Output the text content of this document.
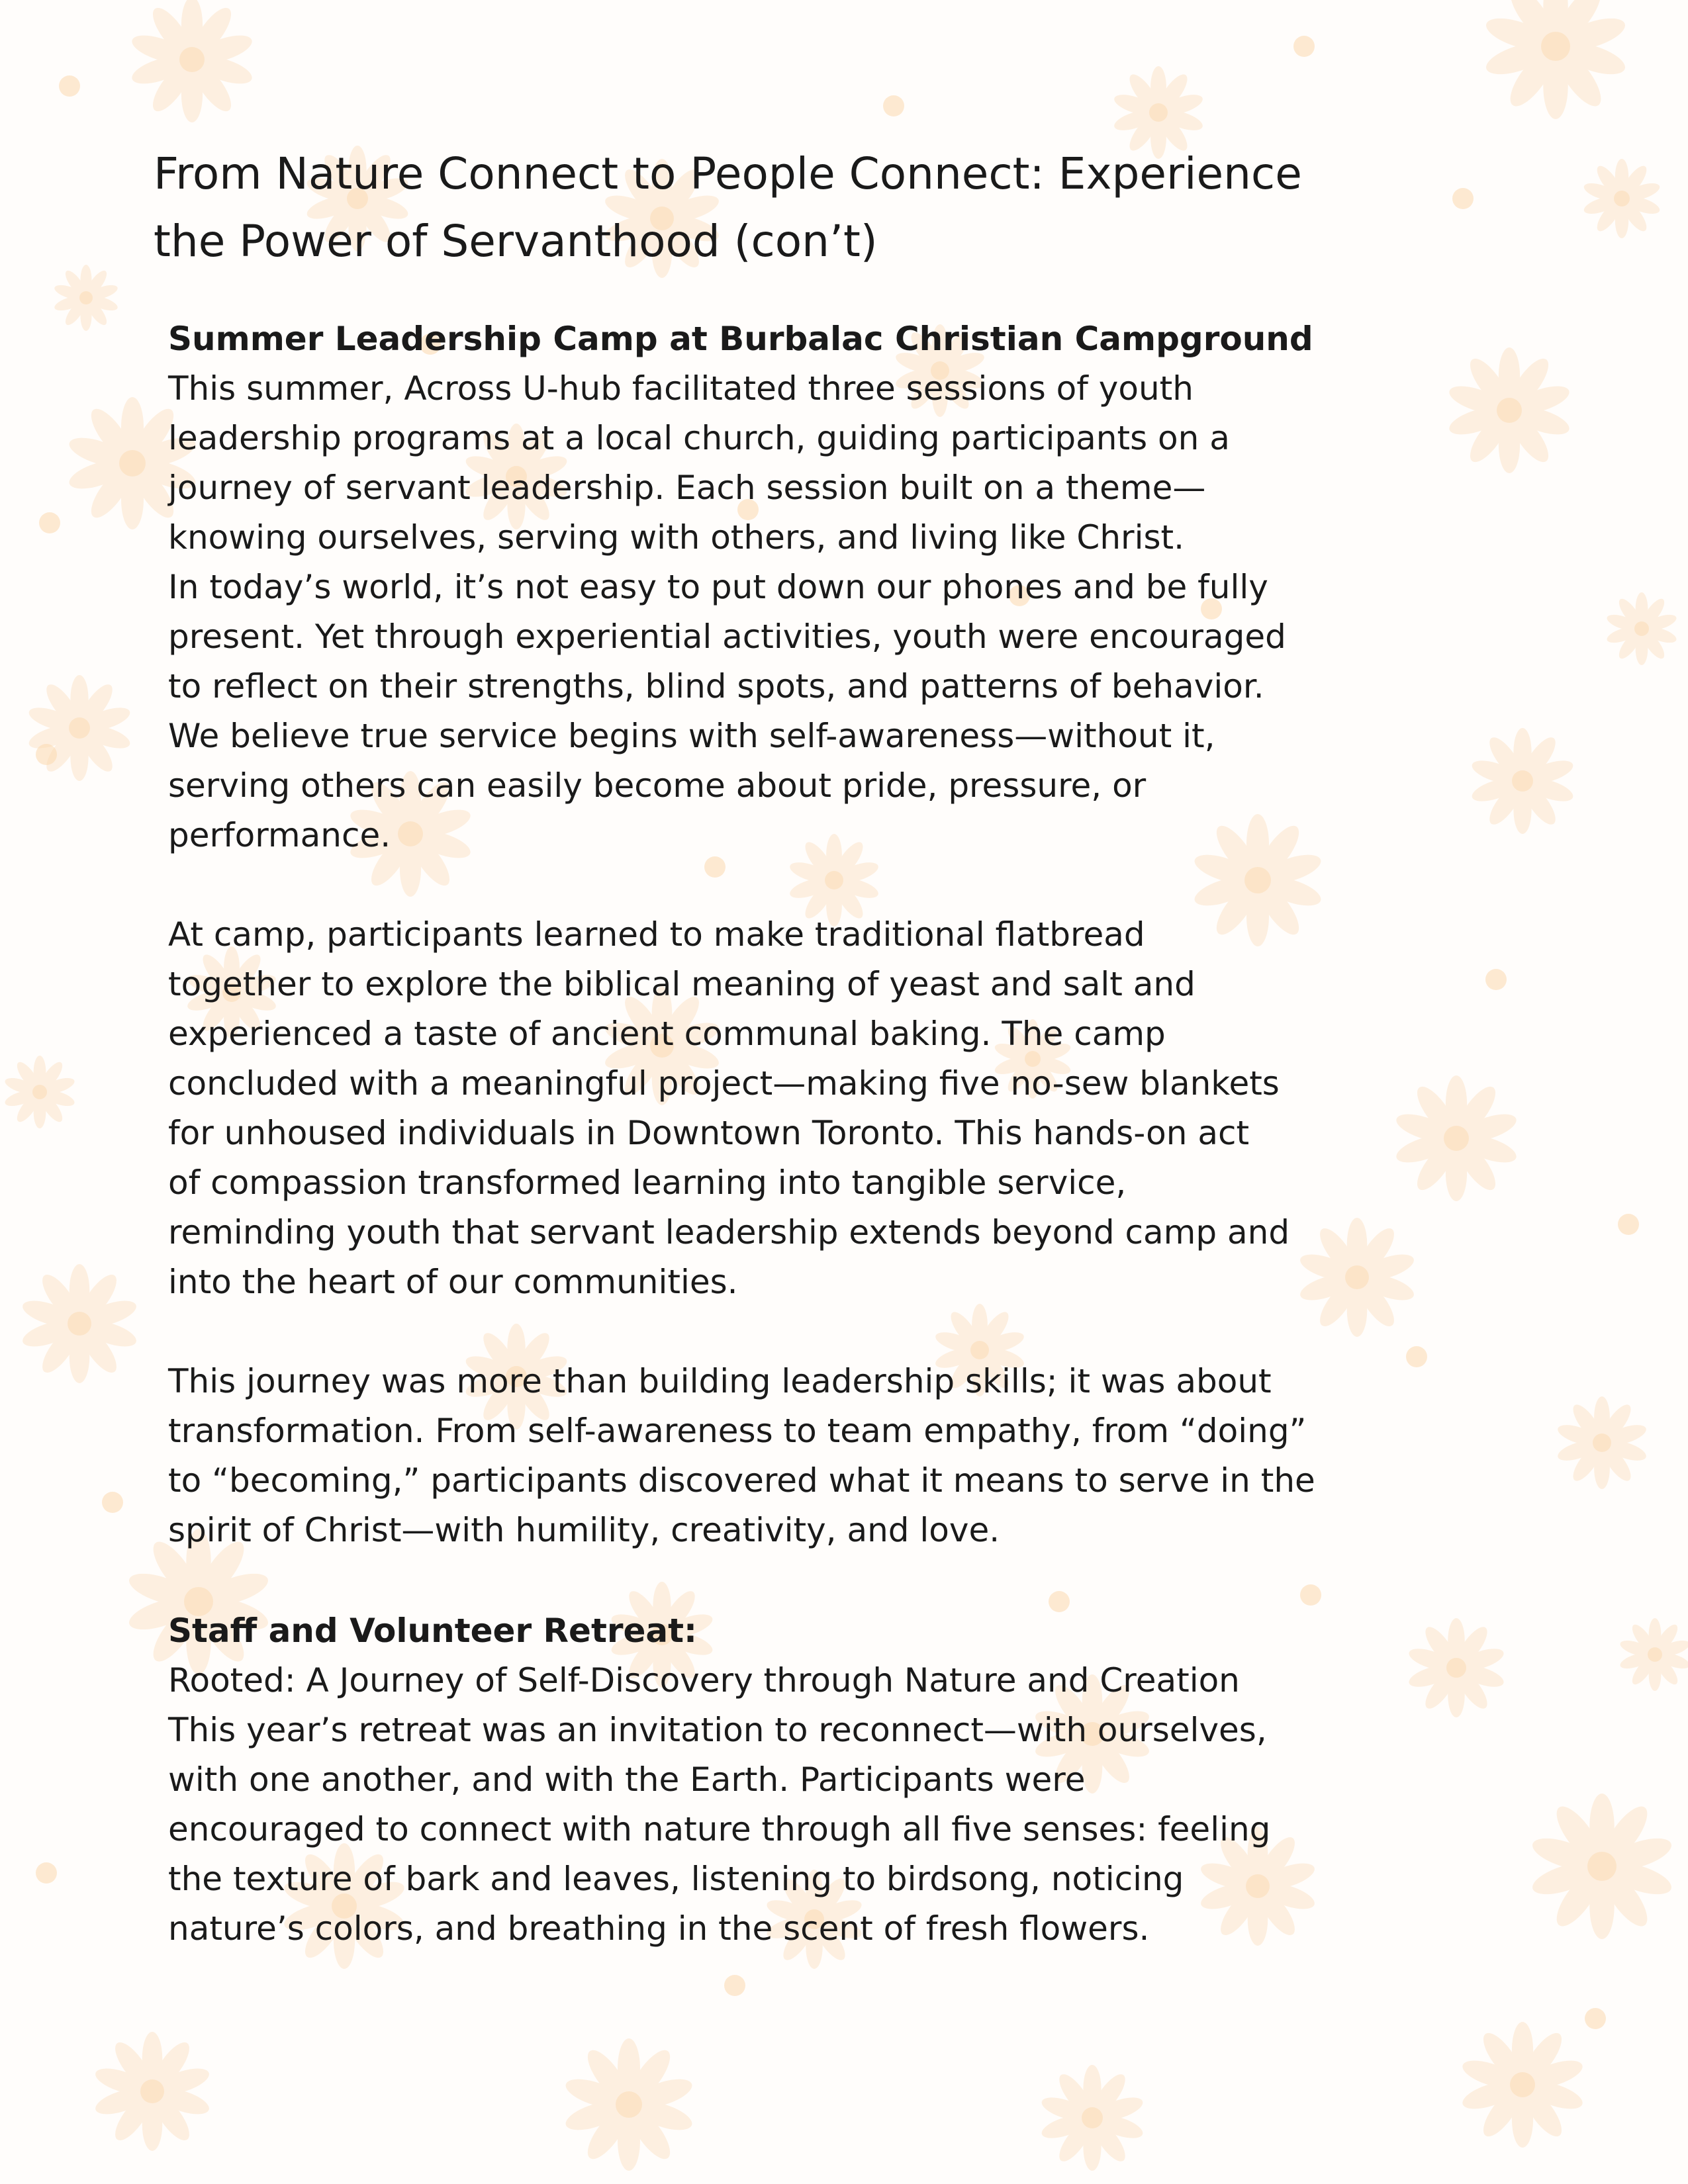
From Nature Connect to People Connect: Experience
the Power of Servanthood (con’t)
Summer Leadership Camp at Burbalac Christian Campground
This summer, Across U-hub facilitated three sessions of youth
leadership programs at a local church, guiding participants on a
journey of servant leadership. Each session built on a theme—
knowing ourselves, serving with others, and living like Christ.
In today’s world, it’s not easy to put down our phones and be fully
present. Yet through experiential activities, youth were encouraged
to reflect on their strengths, blind spots, and patterns of behavior.
We believe true service begins with self-awareness—without it,
serving others can easily become about pride, pressure, or
performance.
At camp, participants learned to make traditional flatbread
together to explore the biblical meaning of yeast and salt and
experienced a taste of ancient communal baking. The camp
concluded with a meaningful project—making five no-sew blankets
for unhoused individuals in Downtown Toronto. This hands-on act
of compassion transformed learning into tangible service,
reminding youth that servant leadership extends beyond camp and
into the heart of our communities.
This journey was more than building leadership skills; it was about
transformation. From self-awareness to team empathy, from “doing”
to “becoming,” participants discovered what it means to serve in the
spirit of Christ—with humility, creativity, and love.
Staff and Volunteer Retreat:
Rooted: A Journey of Self-Discovery through Nature and Creation
This year’s retreat was an invitation to reconnect—with ourselves,
with one another, and with the Earth. Participants were
encouraged to connect with nature through all five senses: feeling
the texture of bark and leaves, listening to birdsong, noticing
nature’s colors, and breathing in the scent of fresh flowers.
